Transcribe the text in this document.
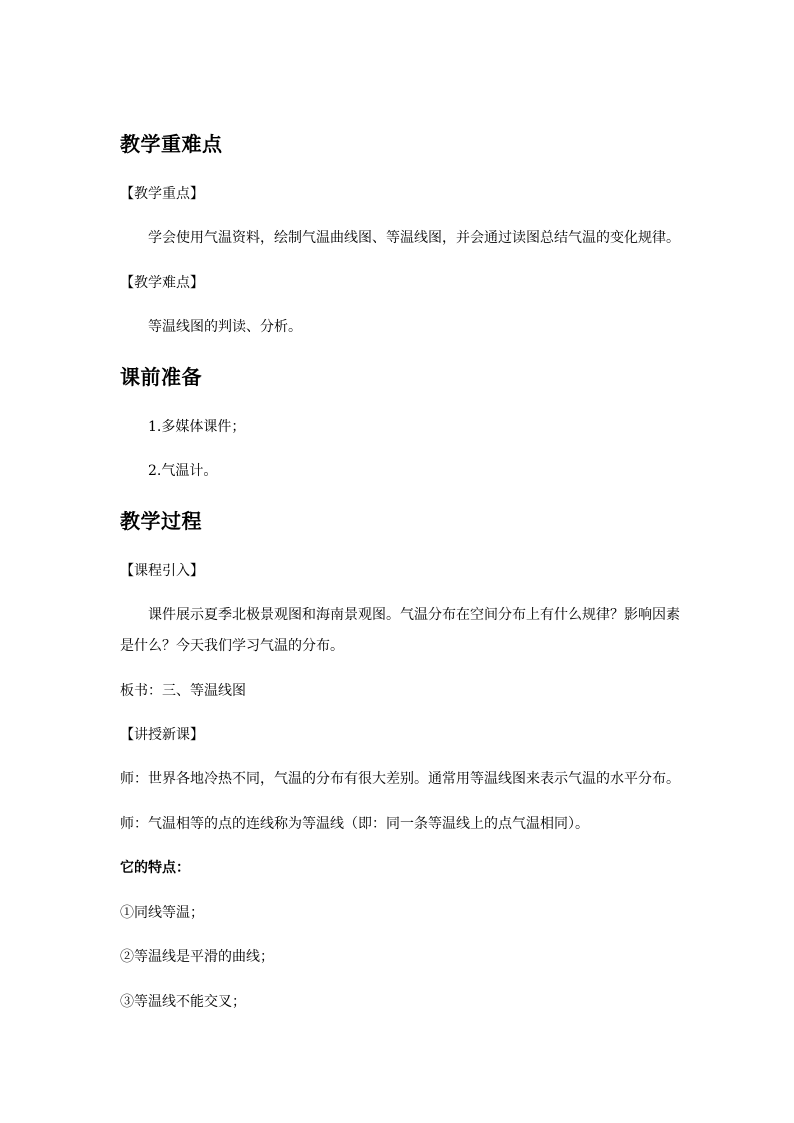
教学重难点
【教学重点】
学会使用气温资料，绘制气温曲线图、等温线图，并会通过读图总结气温的变化规律。
【教学难点】
等温线图的判读、分析。
课前准备
1.多媒体课件；
2.气温计。
教学过程
【课程引入】
课件展示夏季北极景观图和海南景观图。气温分布在空间分布上有什么规律？影响因素是什么？今天我们学习气温的分布。
板书：三、等温线图
【讲授新课】
师：世界各地冷热不同，气温的分布有很大差别。通常用等温线图来表示气温的水平分布。
师：气温相等的点的连线称为等温线（即：同一条等温线上的点气温相同）。
它的特点：
①同线等温；
②等温线是平滑的曲线；
③等温线不能交叉；
